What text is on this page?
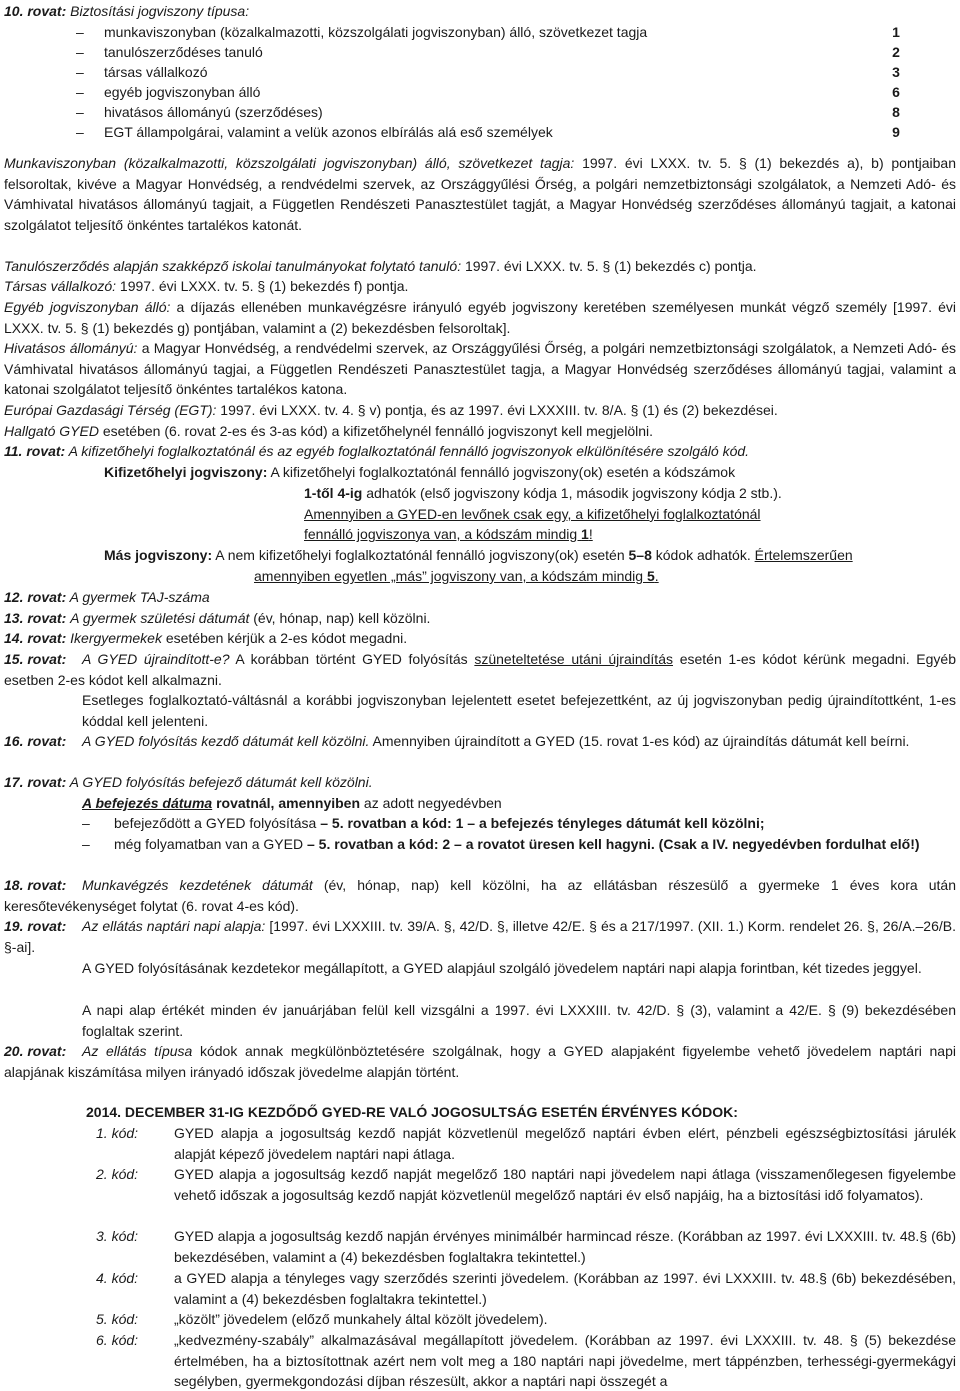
10. rovat: Biztosítási jogviszony típusa:
– munkaviszonyban (közalkalmazotti, közszolgálati jogviszonyban) álló, szövetkezet tagja	1
– tanulószerződéses tanuló	2
– társas vállalkozó	3
– egyéb jogviszonyban álló	6
– hivatásos állományú (szerződéses)	8
– EGT állampolgárai, valamint a velük azonos elbírálás alá eső személyek	9

Munkaviszonyban (közalkalmazotti, közszolgálati jogviszonyban) álló, szövetkezet tagja: 1997. évi LXXX. tv. 5. § (1) bekezdés a), b) pontjaiban felsoroltak, kivéve a Magyar Honvédség, a rendvédelmi szervek, az Országgyűlési Őrség, a polgári nemzetbiztonsági szolgálatok, a Nemzeti Adó- és Vámhivatal hivatásos állományú tagjait, a Független Rendészeti Panasztestület tagját, a Magyar Honvédség szerződéses állományú tagjait, a katonai szolgálatot teljesítő önkéntes tartalékos katonát.

Tanulószerződés alapján szakképző iskolai tanulmányokat folytató tanuló: 1997. évi LXXX. tv. 5. § (1) bekezdés c) pontja.

Társas vállalkozó: 1997. évi LXXX. tv. 5. § (1) bekezdés f) pontja.

Egyéb jogviszonyban álló: a díjazás ellenében munkavégzésre irányuló egyéb jogviszony keretében személyesen munkát végző személy [1997. évi LXXX. tv. 5. § (1) bekezdés g) pontjában, valamint a (2) bekezdésben felsoroltak].

Hivatásos állományú: a Magyar Honvédség, a rendvédelmi szervek, az Országgyűlési Őrség, a polgári nemzetbiztonsági szolgálatok, a Nemzeti Adó- és Vámhivatal hivatásos állományú tagjai, a Független Rendészeti Panasztestület tagja, a Magyar Honvédség szerződéses állományú tagjai, valamint a katonai szolgálatot teljesítő önkéntes tartalékos katona.

Európai Gazdasági Térség (EGT): 1997. évi LXXX. tv. 4. § v) pontja, és az 1997. évi LXXXIII. tv. 8/A. § (1) és (2) bekezdései.

Hallgató GYED esetében (6. rovat 2-es és 3-as kód) a kifizetőhelynél fennálló jogviszonyt kell megjelölni.

11. rovat: A kifizetőhelyi foglalkoztatónál és az egyéb foglalkoztatónál fennálló jogviszonyok elkülönítésére szolgáló kód.

Kifizetőhelyi jogviszony: A kifizetőhelyi foglalkoztatónál fennálló jogviszony(ok) esetén a kódszámok

1-től 4-ig adhatók (első jogviszony kódja 1, második jogviszony kódja 2 stb.).

Amennyiben a GYED-en levőnek csak egy, a kifizetőhelyi foglalkoztatónál

fennálló jogviszonya van, a kódszám mindig 1!

Más jogviszony: A nem kifizetőhelyi foglalkoztatónál fennálló jogviszony(ok) esetén 5–8 kódok adhatók. Értelemszerűen

amennyiben egyetlen „más” jogviszony van, a kódszám mindig 5.

12. rovat: A gyermek TAJ-száma

13. rovat: A gyermek születési dátumát (év, hónap, nap) kell közölni.

14. rovat: Ikergyermekek esetében kérjük a 2-es kódot megadni.

15. rovat:	A GYED újraindított-e? A korábban történt GYED folyósítás szüneteltetése utáni újraindítás esetén 1-es kódot kérünk megadni. Egyéb esetben 2-es kódot kell alkalmazni.

Esetleges foglalkoztató-váltásnál a korábbi jogviszonyban lejelentett esetet befejezettként, az új jogviszonyban pedig újraindítottként, 1-es kóddal kell jelenteni.

16. rovat:	A GYED folyósítás kezdő dátumát kell közölni. Amennyiben újraindított a GYED (15. rovat 1-es kód) az újraindítás dátumát kell beírni.

17. rovat: A GYED folyósítás befejező dátumát kell közölni.

A befejezés dátuma rovatnál, amennyiben az adott negyedévben

– befejeződött a GYED folyósítása – 5. rovatban a kód: 1 – a befejezés tényleges dátumát kell közölni;

– még folyamatban van a GYED – 5. rovatban a kód: 2 – a rovatot üresen kell hagyni. (Csak a IV. negyedévben fordulhat elő!)

18. rovat:	Munkavégzés kezdetének dátumát (év, hónap, nap) kell közölni, ha az ellátásban részesülő a gyermeke 1 éves kora után keresőtevékenységet folytat (6. rovat 4-es kód).

19. rovat:	Az ellátás naptári napi alapja: [1997. évi LXXXIII. tv. 39/A. §, 42/D. §, illetve 42/E. § és a 217/1997. (XII. 1.) Korm. rendelet 26. §, 26/A.–26/B. §-ai].

A GYED folyósításának kezdetekor megállapított, a GYED alapjául szolgáló jövedelem naptári napi alapja forintban, két tizedes jeggyel.

A napi alap értékét minden év januárjában felül kell vizsgálni a 1997. évi LXXXIII. tv. 42/D. § (3), valamint a 42/E. § (9) bekezdésében foglaltak szerint.

20. rovat:	Az ellátás típusa kódok annak megkülönböztetésére szolgálnak, hogy a GYED alapjaként figyelembe vehető jövedelem naptári napi alapjának kiszámítása milyen irányadó időszak jövedelme alapján történt.

2014. DECEMBER 31-IG KEZDŐDŐ GYED-RE VALÓ JOGOSULTSÁG ESETÉN ÉRVÉNYES KÓDOK:

1. kód:	GYED alapja a jogosultság kezdő napját közvetlenül megelőző naptári évben elért, pénzbeli egészségbiztosítási járulék alapját képező jövedelem naptári napi átlaga.

2. kód:	GYED alapja a jogosultság kezdő napját megelőző 180 naptári napi jövedelem napi átlaga (visszamenőlegesen figyelembe vehető időszak a jogosultság kezdő napját közvetlenül megelőző naptári év első napjáig, ha a biztosítási idő folyamatos).

3. kód:	GYED alapja a jogosultság kezdő napján érvényes minimálbér harmincad része. (Korábban az 1997. évi LXXXIII. tv. 48.§ (6b) bekezdésében, valamint a (4) bekezdésben foglaltakra tekintettel.)

4. kód:	a GYED alapja a tényleges vagy szerződés szerinti jövedelem. (Korábban az 1997. évi LXXXIII. tv. 48.§ (6b) bekezdésében, valamint a (4) bekezdésben foglaltakra tekintettel.)

5. kód:	„közölt” jövedelem (előző munkahely által közölt jövedelem).

6. kód:	„kedvezmény-szabály” alkalmazásával megállapított jövedelem. (Korábban az 1997. évi LXXXIII. tv. 48. § (5) bekezdése értelmében, ha a biztosítottnak azért nem volt meg a 180 naptári napi jövedelme, mert táppénzben, terhességi-gyermekágyi segélyben, gyermekgondozási díjban részesült, akkor a naptári napi összegét a
